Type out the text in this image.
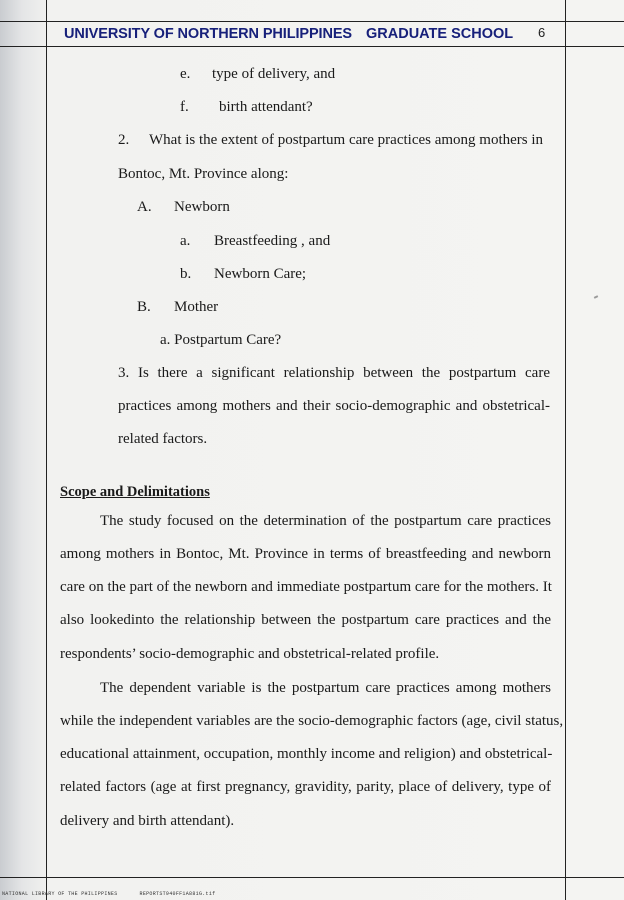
UNIVERSITY OF NORTHERN PHILIPPINES GRADUATE SCHOOL 6
e. type of delivery, and
f. birth attendant?
2. What is the extent of postpartum care practices among mothers in
Bontoc, Mt. Province along:
A. Newborn
a. Breastfeeding , and
b. Newborn Care;
B. Mother
a. Postpartum Care?
3. Is there a significant relationship between the postpartum care
practices among mothers and their socio-demographic and obstetrical-
related factors.
Scope and Delimitations
The study focused on the determination of the postpartum care practices
among mothers in Bontoc, Mt. Province in terms of breastfeeding and newborn
care on the part of the newborn and immediate postpartum care for the mothers. It
also lookedinto the relationship between the postpartum care practices and the
respondents’ socio-demographic and obstetrical-related profile.
The dependent variable is the postpartum care practices among mothers
while the independent variables are the socio-demographic factors (age, civil status,
educational attainment, occupation, monthly income and religion) and obstetrical-
related factors (age at first pregnancy, gravidity, parity, place of delivery, type of
delivery and birth attendant).
NATIONAL LIBRARY OF THE PHILIPPINES	REPORTST940FF1A881G.tif
